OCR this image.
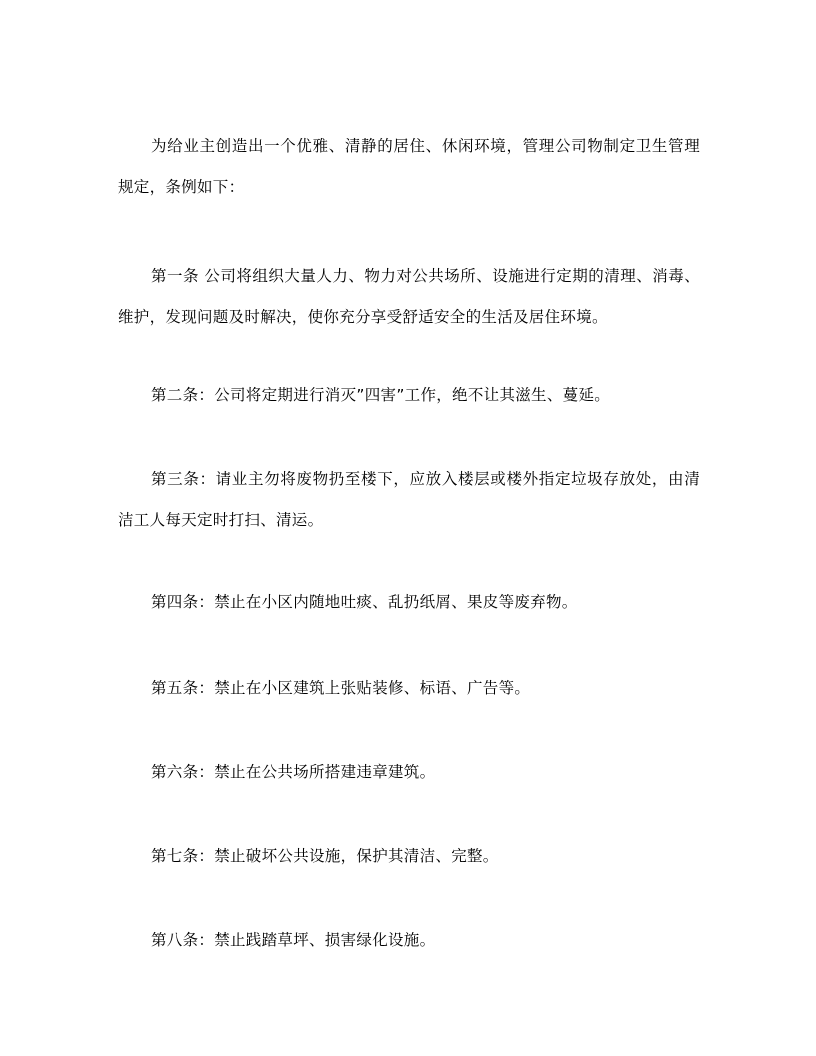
为给业主创造出一个优雅、清静的居住、休闲环境，管理公司物制定卫生管理规定，条例如下：

第一条 公司将组织大量人力、物力对公共场所、设施进行定期的清理、消毒、维护，发现问题及时解决，使你充分享受舒适安全的生活及居住环境。

第二条：公司将定期进行消灭”四害”工作，绝不让其滋生、蔓延。

第三条：请业主勿将废物扔至楼下，应放入楼层或楼外指定垃圾存放处，由清洁工人每天定时打扫、清运。

第四条：禁止在小区内随地吐痰、乱扔纸屑、果皮等废弃物。

第五条：禁止在小区建筑上张贴装修、标语、广告等。

第六条：禁止在公共场所搭建违章建筑。

第七条：禁止破坏公共设施，保护其清洁、完整。

第八条：禁止践踏草坪、损害绿化设施。
